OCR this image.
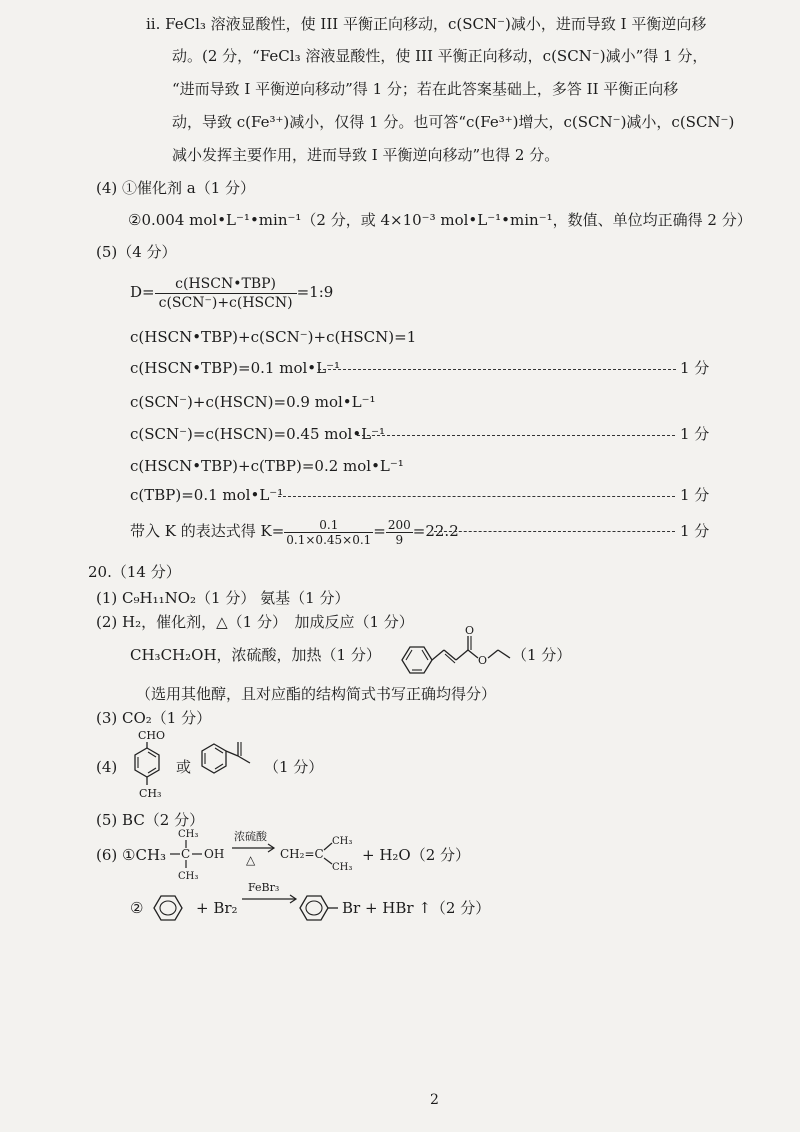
ii. FeCl₃ 溶液显酸性，使 III 平衡正向移动，c(SCN⁻)减小，进而导致 I 平衡逆向移
动。(2 分，“FeCl₃ 溶液显酸性，使 III 平衡正向移动，c(SCN⁻)减小”得 1 分，
“进而导致 I 平衡逆向移动”得 1 分；若在此答案基础上，多答 II 平衡正向移
动，导致 c(Fe³⁺)减小，仅得 1 分。也可答“c(Fe³⁺)增大，c(SCN⁻)减小，c(SCN⁻)
减小发挥主要作用，进而导致 I 平衡逆向移动”也得 2 分。
(4) ①催化剂 a（1 分）
②0.004 mol•L⁻¹•min⁻¹（2 分，或 4×10⁻³ mol•L⁻¹•min⁻¹，数值、单位均正确得 2 分）
(5)（4 分）
$D= \frac{\text{c(HSCN•TBP)}}{\text{c(SCN⁻)+c(HSCN)}}$ =1:9
c(HSCN•TBP)+c(SCN⁻)+c(HSCN)=1
c(HSCN•TBP)=0.1 mol•L⁻¹	1 分
c(SCN⁻)+c(HSCN)=0.9 mol•L⁻¹
c(SCN⁻)=c(HSCN)=0.45 mol•L⁻¹	1 分
c(HSCN•TBP)+c(TBP)=0.2 mol•L⁻¹
c(TBP)=0.1 mol•L⁻¹	1 分
带入 K 的表达式得 $K= \frac{0.1}{0.1\times 0.45\times 0.1} = \frac{200}{9} =22.2$	1 分
20.（14 分）
(1) C₉H₁₁NO₂（1 分） 氨基（1 分）
(2) H₂，催化剂，△（1 分）　加成反应（1 分）
CH₃CH₂OH，浓硫酸，加热（1 分）
O
O （1 分）
（选用其他醇，且对应酯的结构简式书写正确均得分）
(3) CO₂（1 分）
(4)
CHO
CH₃
或	（1 分）
(5) BC（2 分）
(6) ①CH₃
CH₃
C
CH₃
OH
浓硫酸
△ CH₂=C
CH₃
CH₃
+ H₂O（2 分）
②	+ Br₂
FeBr₃
Br + HBr ↑（2 分）
2
